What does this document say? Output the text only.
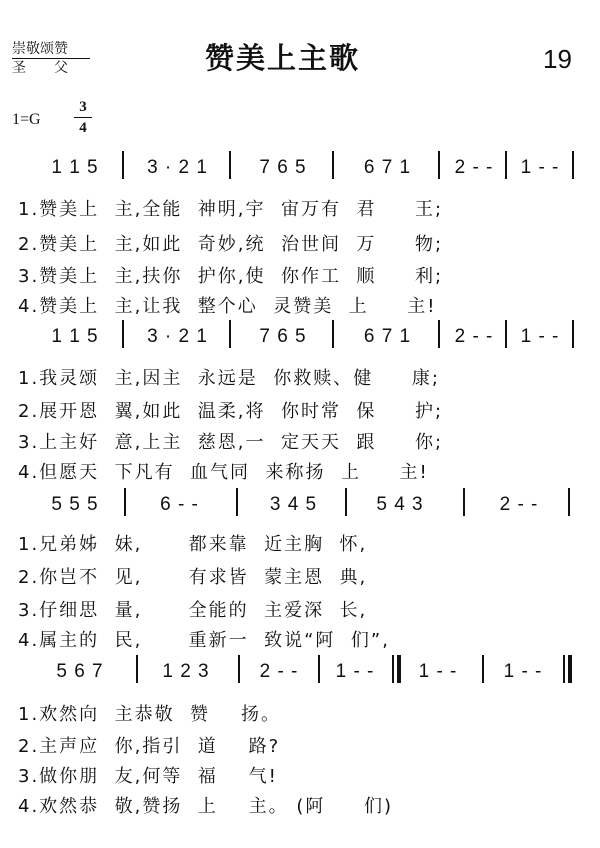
崇敬颂赞
圣　　父	赞美上主歌	19
1=G
3
4
1 1 5	3 · 2 1	7 6 5	6 7 1	2 - -	1 - -
1.赞美上  主,全能  神明,宇  宙万有  君     王;
2.赞美上  主,如此  奇妙,统  治世间  万     物;
3.赞美上  主,扶你  护你,使  你作工  顺     利;
4.赞美上  主,让我  整个心  灵赞美  上     主!
1 1 5	3 · 2 1	7 6 5	6 7 1	2 - -	1 - -
1.我灵颂  主,因主  永远是  你救赎、健     康;
2.展开恩  翼,如此  温柔,将  你时常  保     护;
3.上主好  意,上主  慈恩,一  定天天  跟     你;
4.但愿天  下凡有  血气同  来称扬  上     主!
5 5 5	6 - -	3 4 5	5 4 3	2 - -
1.兄弟姊  妹,      都来靠  近主胸  怀,
2.你岂不  见,      有求皆  蒙主恩  典,
3.仔细思  量,      全能的  主爱深  长,
4.属主的  民,      重新一  致说“阿  们”,
5 6 7	1 2 3	2 - -	1 - -	1 - -	1 - -
1.欢然向  主恭敬  赞    扬。
2.主声应  你,指引  道    路?
3.做你朋  友,何等  福    气!
4.欢然恭  敬,赞扬  上    主。 (阿     们)
